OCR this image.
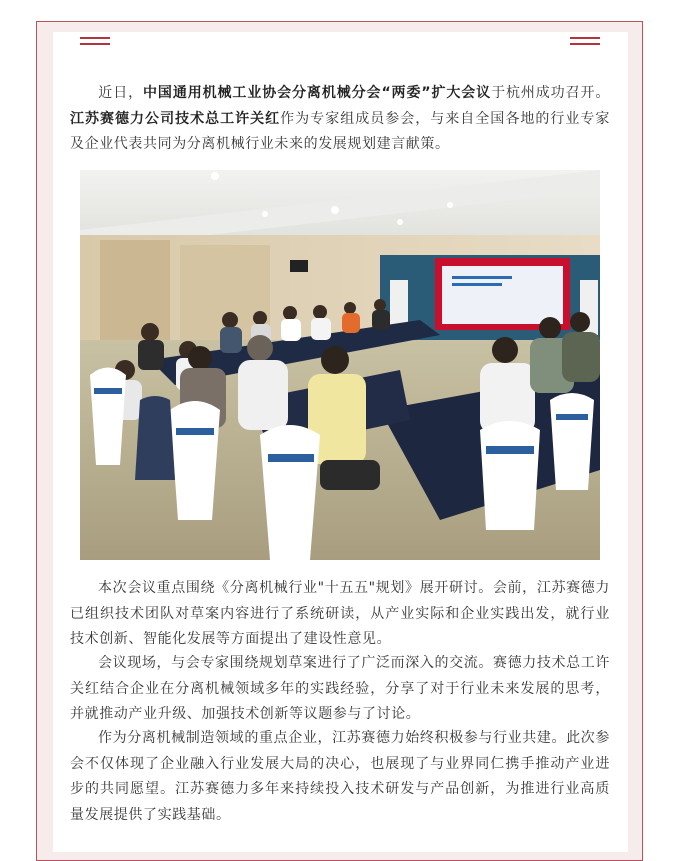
近日，中国通用机械工业协会分离机械分会“两委”扩大会议于杭州成功召开。江苏赛德力公司技术总工许关红作为专家组成员参会，与来自全国各地的行业专家及企业代表共同为分离机械行业未来的发展规划建言献策。

本次会议重点围绕《分离机械行业"十五五"规划》展开研讨。会前，江苏赛德力已组织技术团队对草案内容进行了系统研读，从产业实际和企业实践出发，就行业技术创新、智能化发展等方面提出了建设性意见。

会议现场，与会专家围绕规划草案进行了广泛而深入的交流。赛德力技术总工许关红结合企业在分离机械领域多年的实践经验，分享了对于行业未来发展的思考，并就推动产业升级、加强技术创新等议题参与了讨论。

作为分离机械制造领域的重点企业，江苏赛德力始终积极参与行业共建。此次参会不仅体现了企业融入行业发展大局的决心，也展现了与业界同仁携手推动产业进步的共同愿望。江苏赛德力多年来持续投入技术研发与产品创新，为推进行业高质量发展提供了实践基础。
